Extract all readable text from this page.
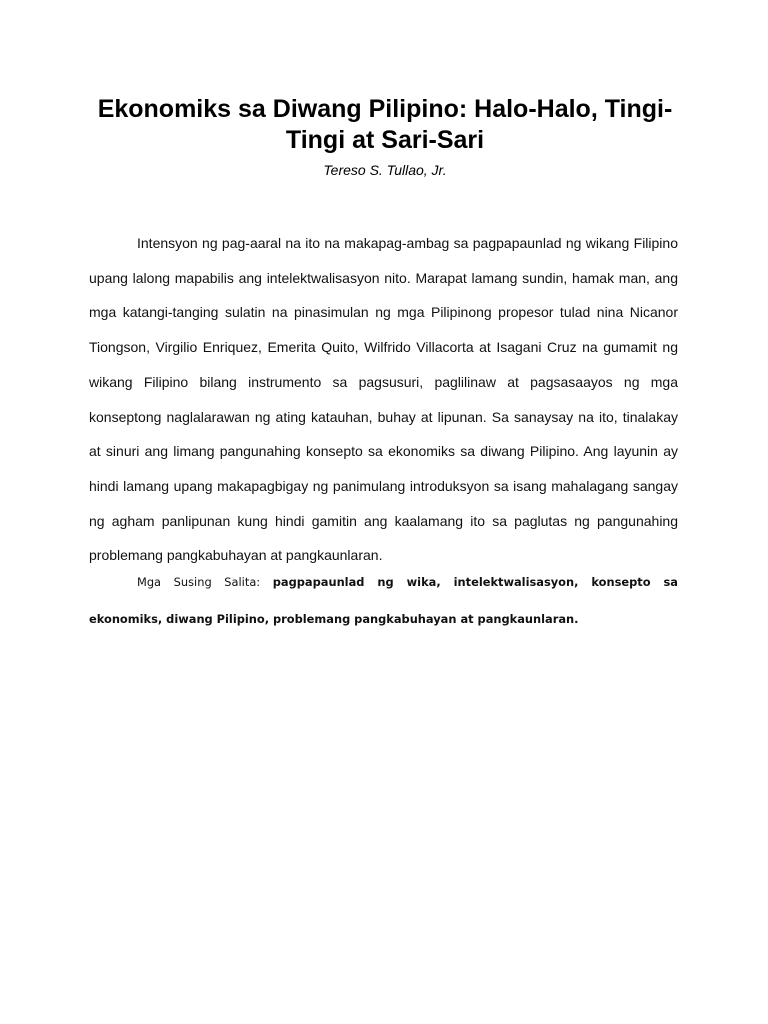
Ekonomiks sa Diwang Pilipino: Halo-Halo, Tingi-Tingi at Sari-Sari

Tereso S. Tullao, Jr.

Intensyon ng pag-aaral na ito na makapag-ambag sa pagpapaunlad ng wikang Filipino upang lalong mapabilis ang intelektwalisasyon nito. Marapat lamang sundin, hamak man, ang mga katangi-tanging sulatin na pinasimulan ng mga Pilipinong propesor tulad nina Nicanor Tiongson, Virgilio Enriquez, Emerita Quito, Wilfrido Villacorta at Isagani Cruz na gumamit ng wikang Filipino bilang instrumento sa pagsusuri, paglilinaw at pagsasaayos ng mga konseptong naglalarawan ng ating katauhan, buhay at lipunan. Sa sanaysay na ito, tinalakay at sinuri ang limang pangunahing konsepto sa ekonomiks sa diwang Pilipino. Ang layunin ay hindi lamang upang makapagbigay ng panimulang introduksyon sa isang mahalagang sangay ng agham panlipunan kung hindi gamitin ang kaalamang ito sa paglutas ng pangunahing problemang pangkabuhayan at pangkaunlaran.

Mga Susing Salita: pagpapaunlad ng wika, intelektwalisasyon, konsepto sa ekonomiks, diwang Pilipino, problemang pangkabuhayan at pangkaunlaran.
